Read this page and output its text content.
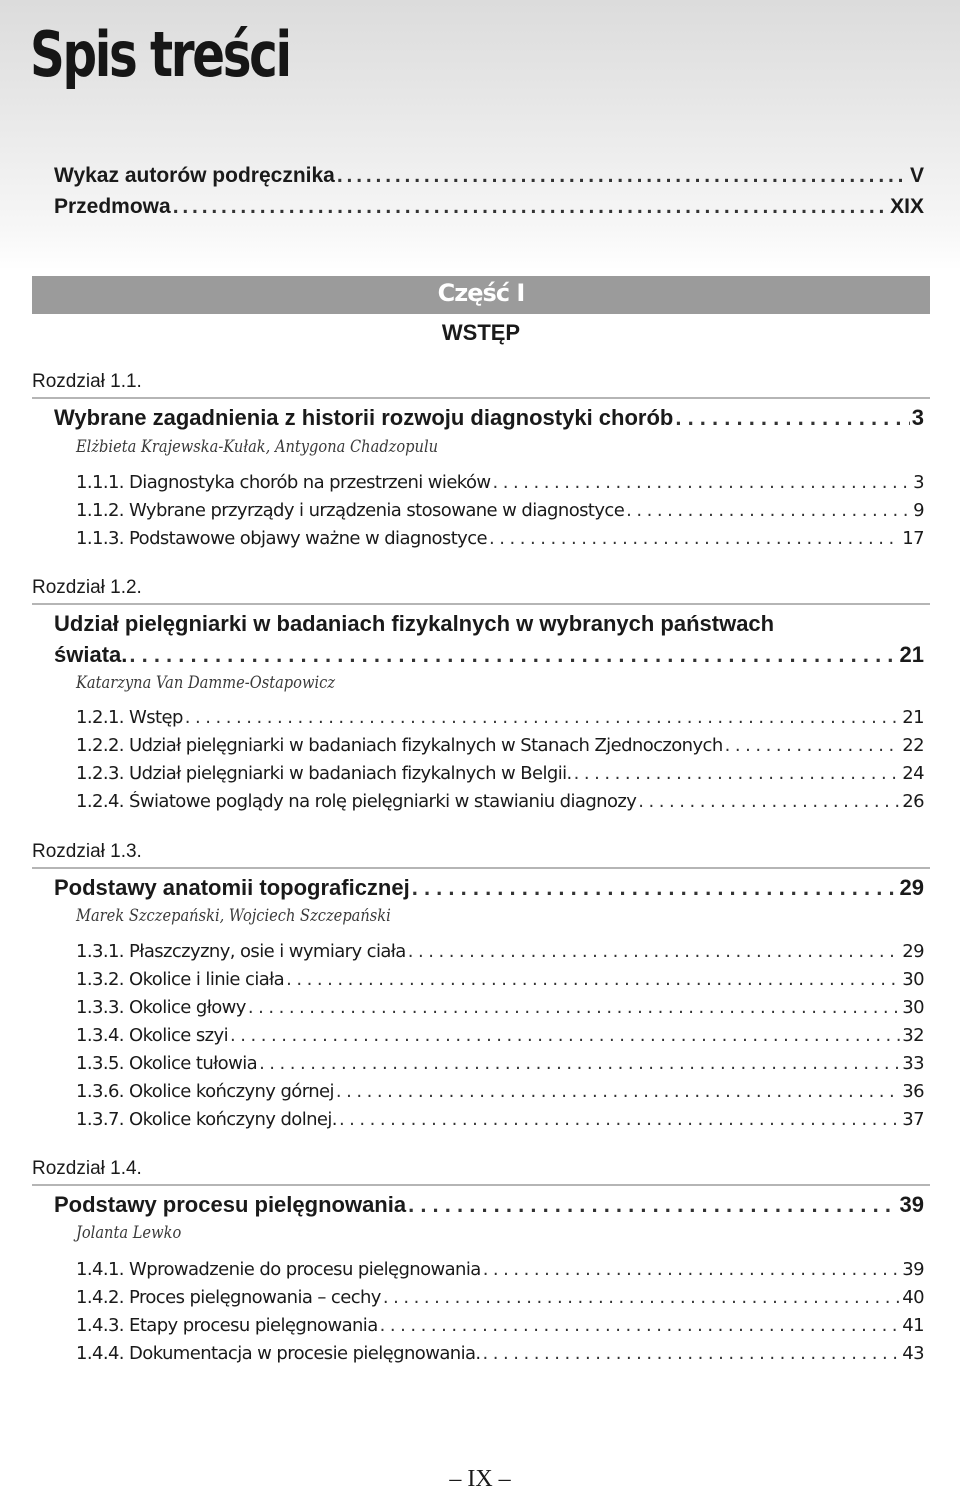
Spis treści
Wykaz autorów podręcznika . . .	V
Przedmowa . . .	XIX
Część I
WSTĘP
Rozdział 1.1.
Wybrane zagadnienia z historii rozwoju diagnostyki chorób . . .	3
Elżbieta Krajewska-Kułak, Antygona Chadzopulu
1.1.1. Diagnostyka chorób na przestrzeni wieków . . .	3
1.1.2. Wybrane przyrządy i urządzenia stosowane w diagnostyce . . .	9
1.1.3. Podstawowe objawy ważne w diagnostyce . . .	17
Rozdział 1.2.
Udział pielęgniarki w badaniach fizykalnych w wybranych państwach
świata. . . .	21
Katarzyna Van Damme-Ostapowicz
1.2.1. Wstęp . . .	21
1.2.2. Udział pielęgniarki w badaniach fizykalnych w Stanach Zjednoczonych . . .	22
1.2.3. Udział pielęgniarki w badaniach fizykalnych w Belgii. . . .	24
1.2.4. Światowe poglądy na rolę pielęgniarki w stawianiu diagnozy . . .	26
Rozdział 1.3.
Podstawy anatomii topograficznej . . .	29
Marek Szczepański, Wojciech Szczepański
1.3.1. Płaszczyzny, osie i wymiary ciała . . .	29
1.3.2. Okolice i linie ciała . . .	30
1.3.3. Okolice głowy . . .	30
1.3.4. Okolice szyi . . .	32
1.3.5. Okolice tułowia . . .	33
1.3.6. Okolice kończyny górnej . . .	36
1.3.7. Okolice kończyny dolnej. . . .	37
Rozdział 1.4.
Podstawy procesu pielęgnowania . . .	39
Jolanta Lewko
1.4.1. Wprowadzenie do procesu pielęgnowania . . .	39
1.4.2. Proces pielęgnowania – cechy . . .	40
1.4.3. Etapy procesu pielęgnowania . . .	41
1.4.4. Dokumentacja w procesie pielęgnowania. . . .	43
– IX –
